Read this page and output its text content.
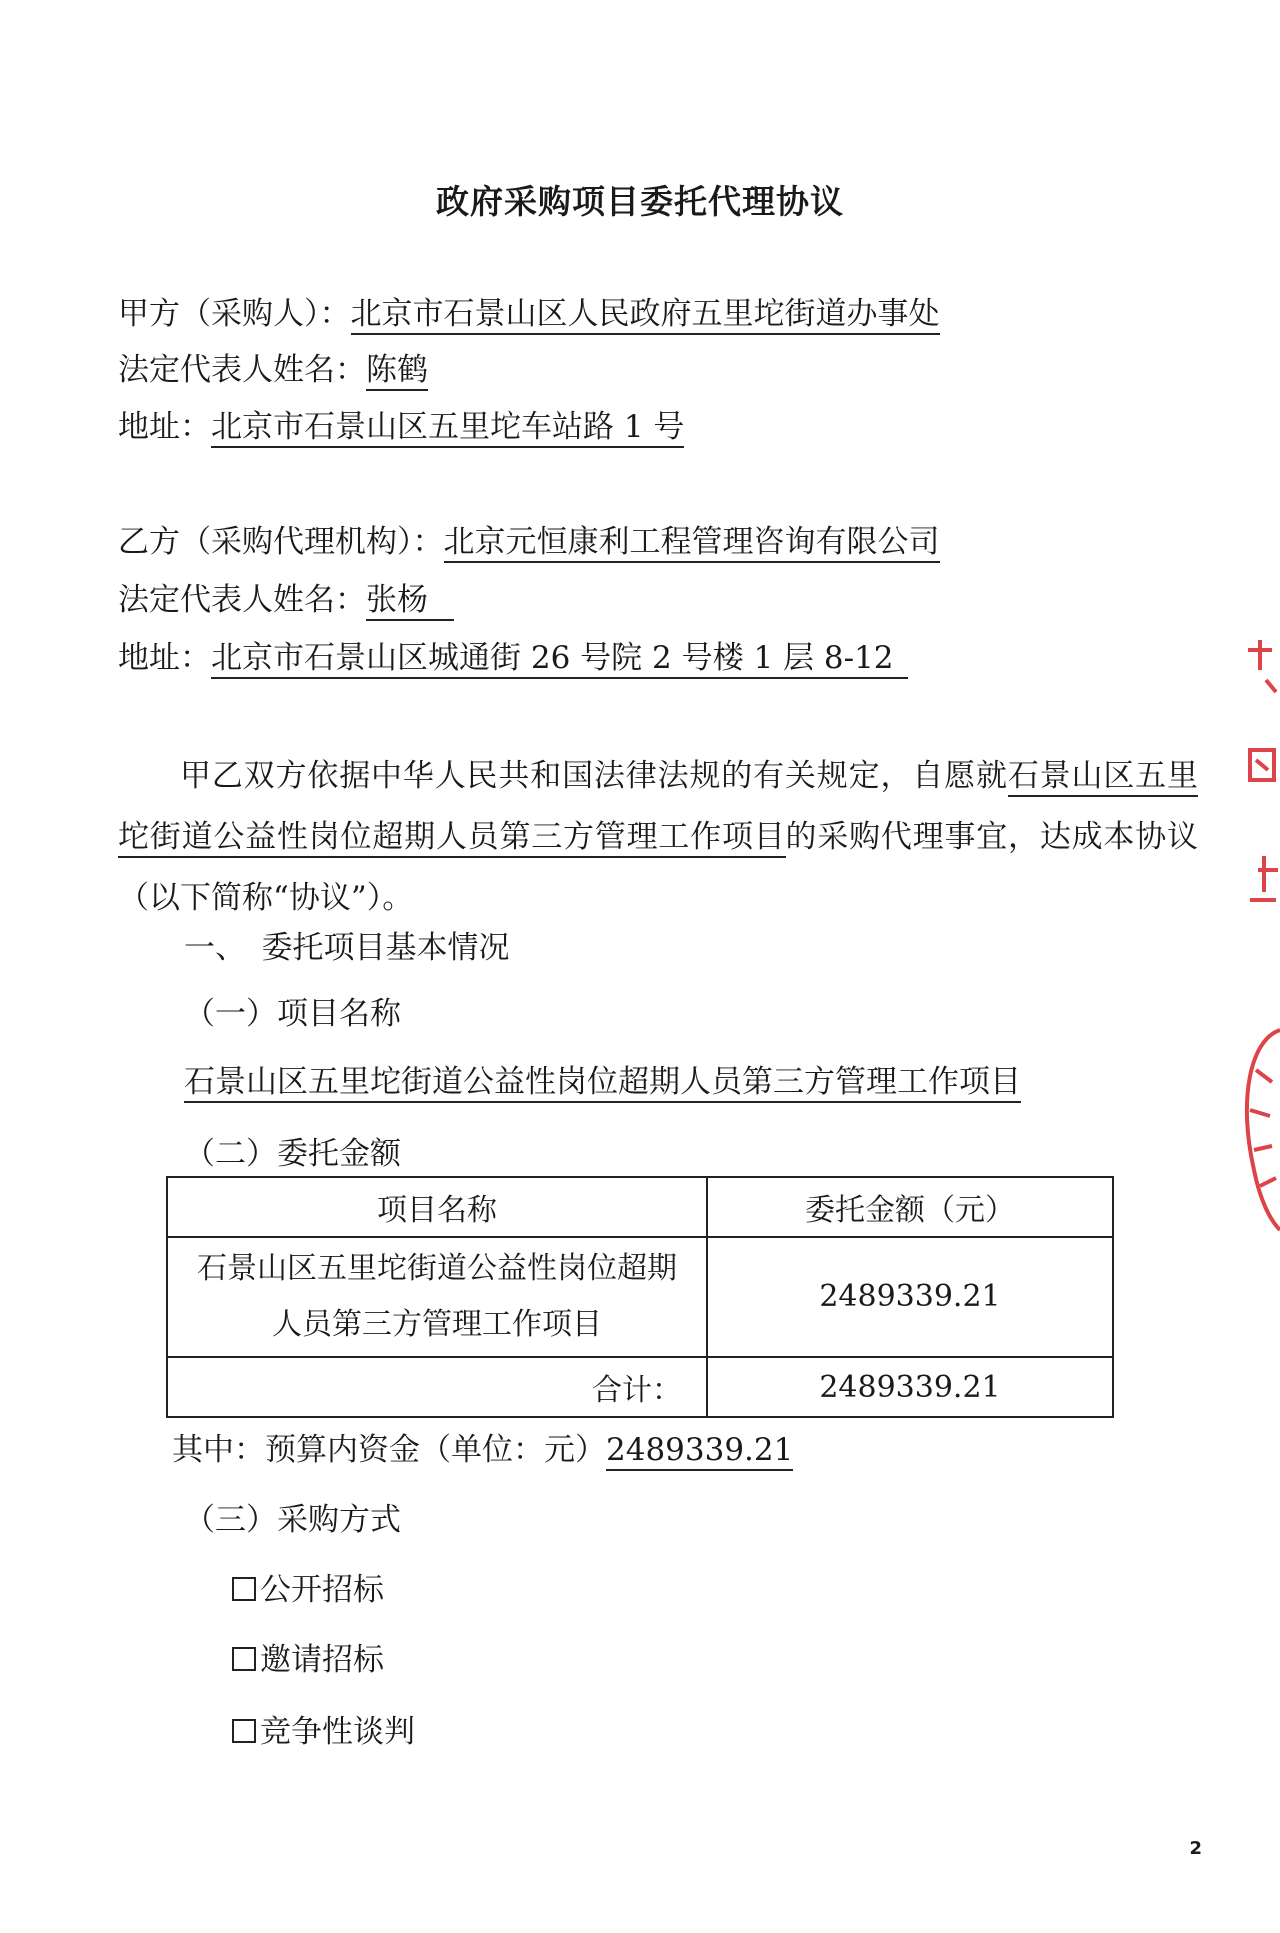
政府采购项目委托代理协议
甲方（采购人）：北京市石景山区人民政府五里坨街道办事处
法定代表人姓名：陈鹤
地址：北京市石景山区五里坨车站路 1 号
乙方（采购代理机构）：北京元恒康利工程管理咨询有限公司
法定代表人姓名：张杨
地址：北京市石景山区城通街 26 号院 2 号楼 1 层 8-12
甲乙双方依据中华人民共和国法律法规的有关规定，自愿就石景山区五里坨街道公益性岗位超期人员第三方管理工作项目的采购代理事宜，达成本协议（以下简称“协议”）。
一、　委托项目基本情况
（一）项目名称
石景山区五里坨街道公益性岗位超期人员第三方管理工作项目
（二）委托金额
项目名称	委托金额（元）
石景山区五里坨街道公益性岗位超期
人员第三方管理工作项目	2489339.21
合计：	2489339.21
其中：预算内资金（单位：元）2489339.21
（三）采购方式
公开招标
邀请招标
竞争性谈判
2
